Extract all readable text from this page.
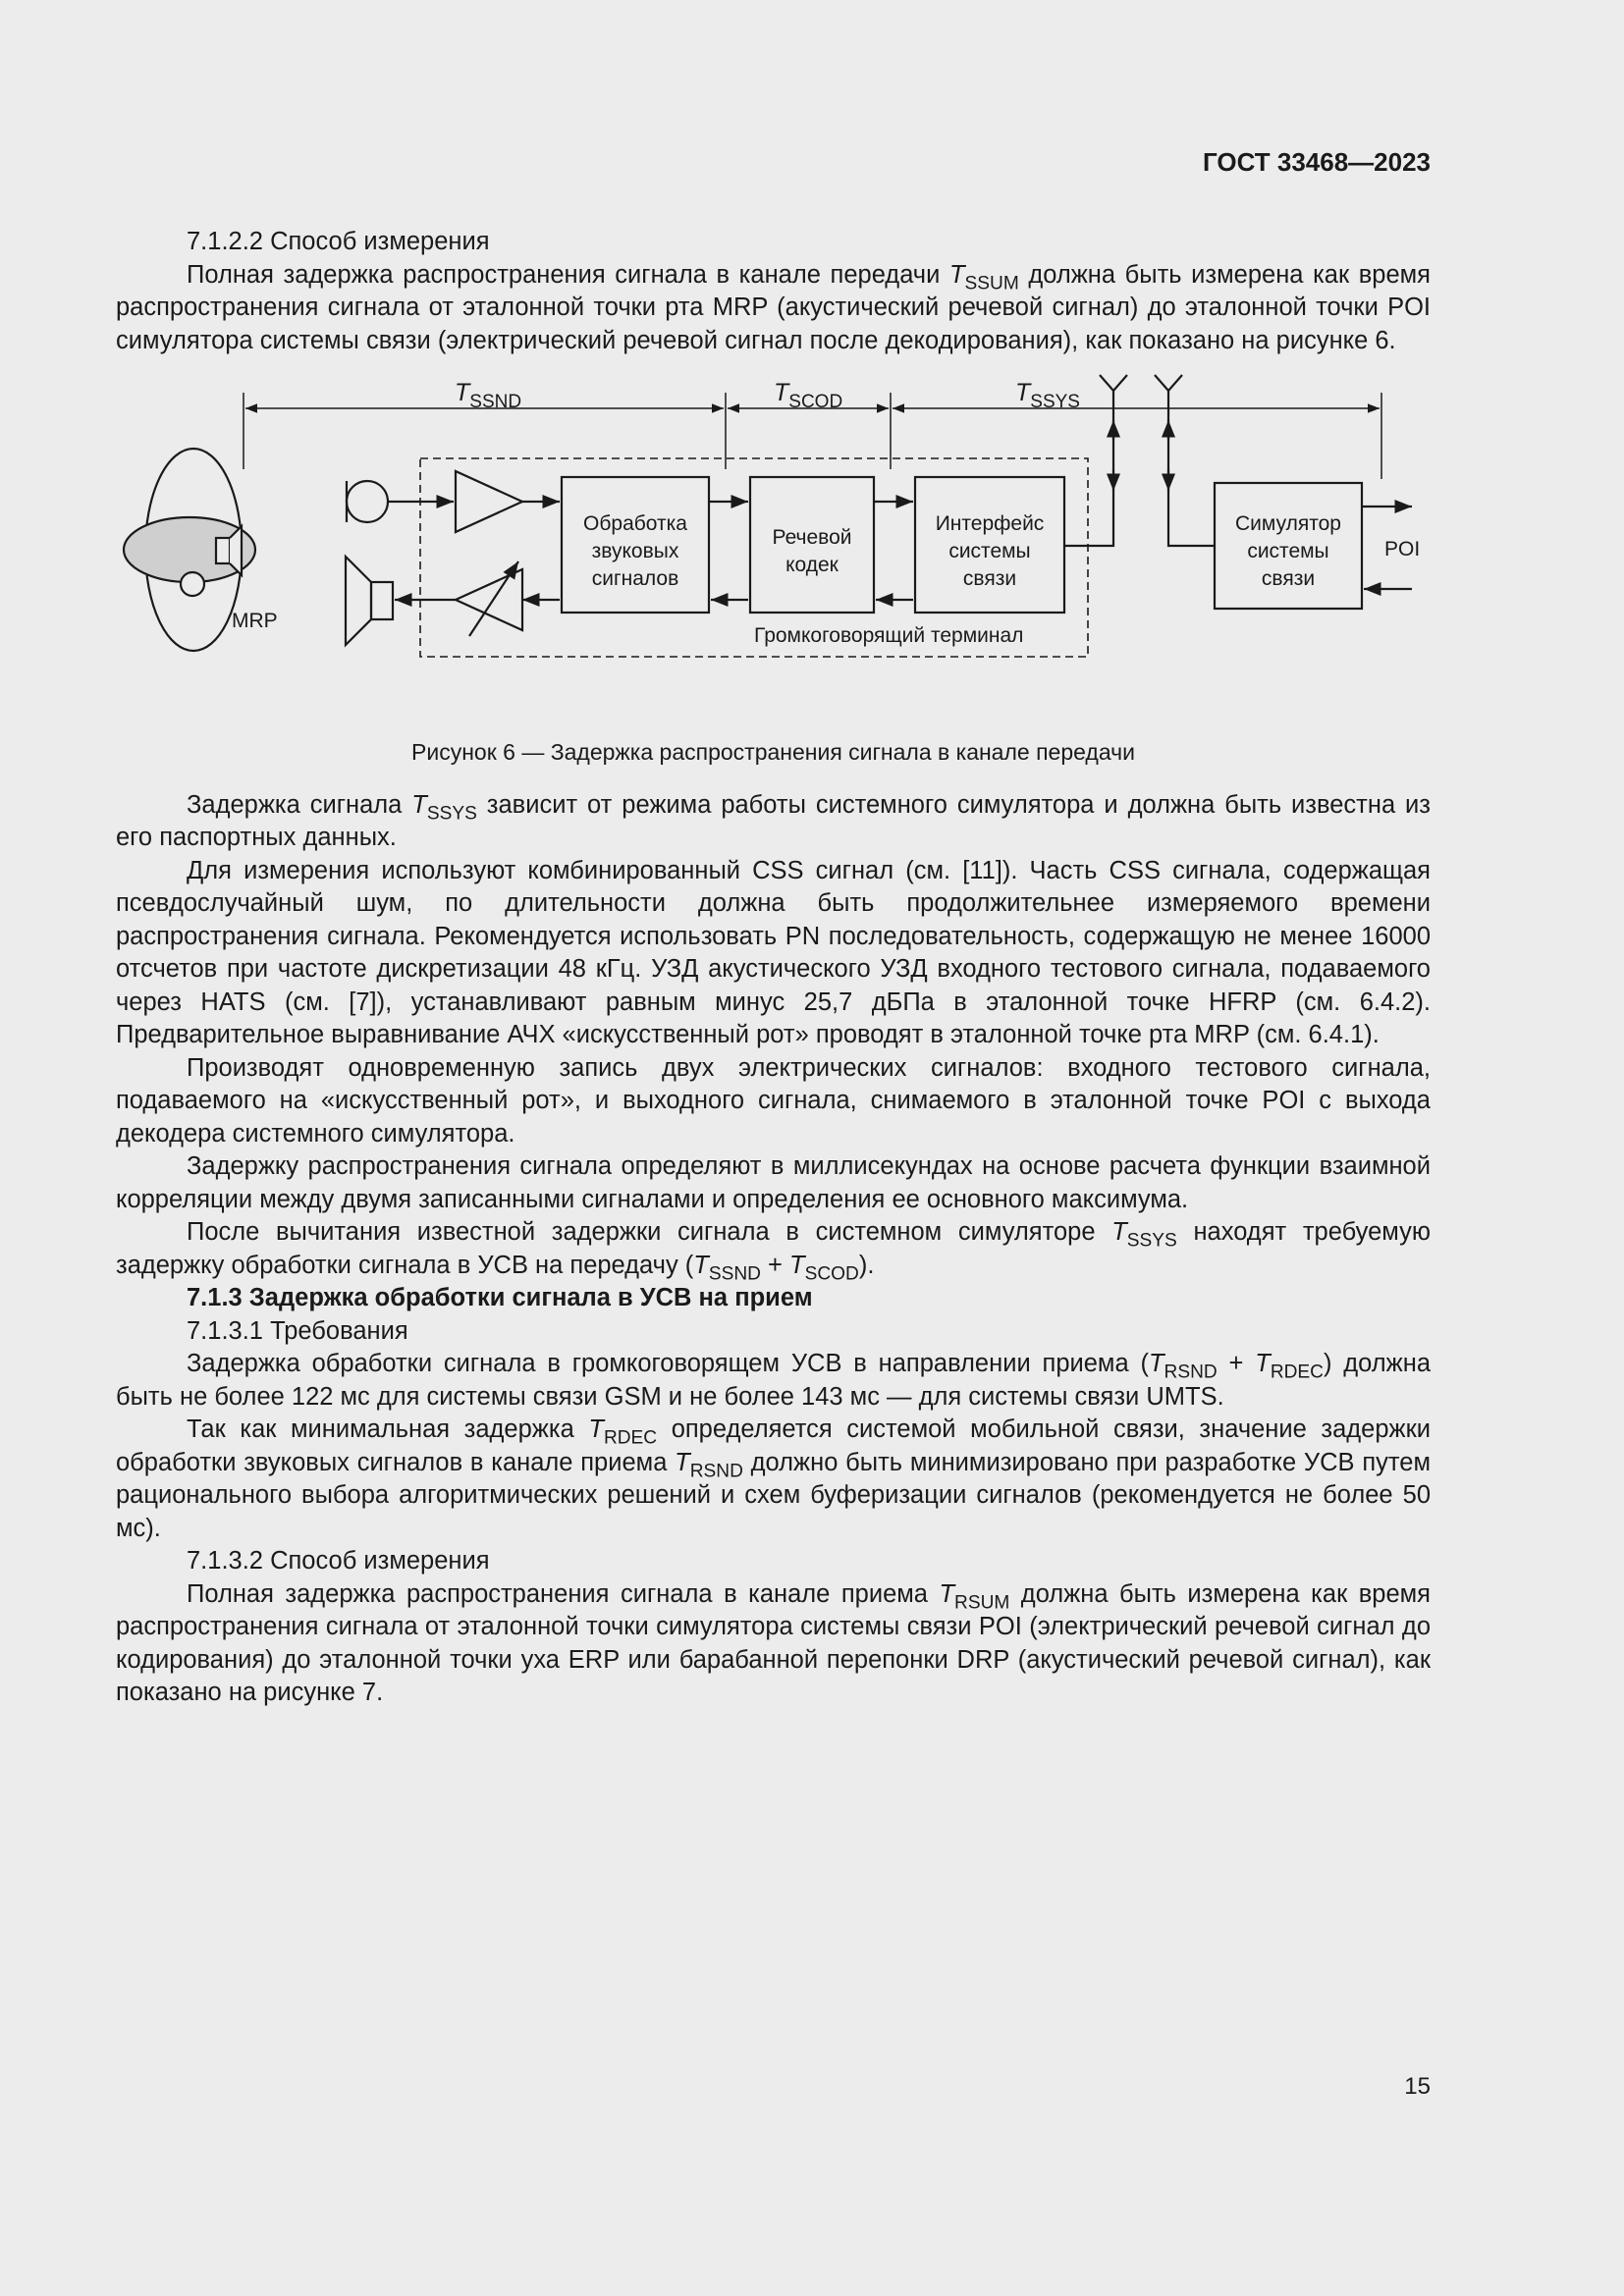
ГОСТ 33468—2023

7.1.2.2 Способ измерения

Полная задержка распространения сигнала в канале передачи $T_{SSUM}$ должна быть измерена как время распространения сигнала от эталонной точки рта MRP (акустический речевой сигнал) до эталонной точки POI симулятора системы связи (электрический речевой сигнал после декодирования), как показано на рисунке 6.

$T_{SSND}$	$T_{SCOD}$	$T_{SSYS}$
Обработка звуковых сигналов
Речевой кодек
Интерфейс системы связи
Симулятор системы связи
Громкоговорящий терминал
MRP
POI

Рисунок 6 — Задержка распространения сигнала в канале передачи

Задержка сигнала $T_{SSYS}$ зависит от режима работы системного симулятора и должна быть известна из его паспортных данных.

Для измерения используют комбинированный CSS сигнал (см. [11]). Часть CSS сигнала, содержащая псевдослучайный шум, по длительности должна быть продолжительнее измеряемого времени распространения сигнала. Рекомендуется использовать PN последовательность, содержащую не менее 16000 отсчетов при частоте дискретизации 48 кГц. УЗД акустического УЗД входного тестового сигнала, подаваемого через HATS (см. [7]), устанавливают равным минус 25,7 дБПа в эталонной точке HFRP (см. 6.4.2). Предварительное выравнивание АЧХ «искусственный рот» проводят в эталонной точке рта MRP (см. 6.4.1).

Производят одновременную запись двух электрических сигналов: входного тестового сигнала, подаваемого на «искусственный рот», и выходного сигнала, снимаемого в эталонной точке POI с выхода декодера системного симулятора.

Задержку распространения сигнала определяют в миллисекундах на основе расчета функции взаимной корреляции между двумя записанными сигналами и определения ее основного максимума.

После вычитания известной задержки сигнала в системном симуляторе $T_{SSYS}$ находят требуемую задержку обработки сигнала в УСВ на передачу $(T_{SSND} + T_{SCOD})$.

7.1.3 Задержка обработки сигнала в УСВ на прием

7.1.3.1 Требования

Задержка обработки сигнала в громкоговорящем УСВ в направлении приема $(T_{RSND} + T_{RDEC})$ должна быть не более 122 мс для системы связи GSM и не более 143 мс — для системы связи UMTS.

Так как минимальная задержка $T_{RDEC}$ определяется системой мобильной связи, значение задержки обработки звуковых сигналов в канале приема $T_{RSND}$ должно быть минимизировано при разработке УСВ путем рационального выбора алгоритмических решений и схем буферизации сигналов (рекомендуется не более 50 мс).

7.1.3.2 Способ измерения

Полная задержка распространения сигнала в канале приема $T_{RSUM}$ должна быть измерена как время распространения сигнала от эталонной точки симулятора системы связи POI (электрический речевой сигнал до кодирования) до эталонной точки уха ERP или барабанной перепонки DRP (акустический речевой сигнал), как показано на рисунке 7.

15
